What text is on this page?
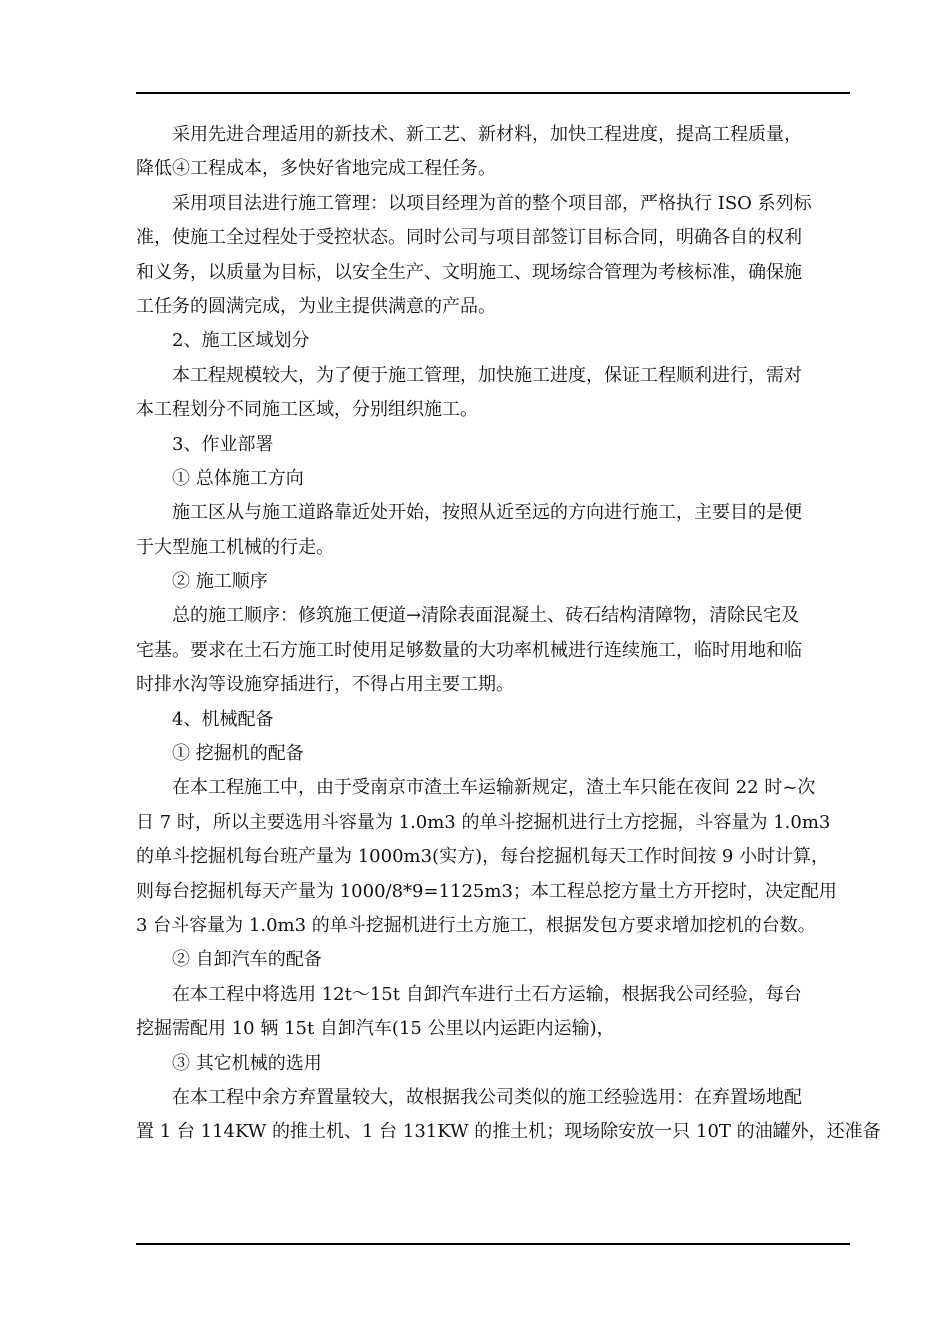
采用先进合理适用的新技术、新工艺、新材料，加快工程进度，提高工程质量，
降低④工程成本，多快好省地完成工程任务。
采用项目法进行施工管理：以项目经理为首的整个项目部，严格执行 ISO 系列标
准，使施工全过程处于受控状态。同时公司与项目部签订目标合同，明确各自的权利
和义务，以质量为目标，以安全生产、文明施工、现场综合管理为考核标准，确保施
工任务的圆满完成，为业主提供满意的产品。
2、施工区域划分
本工程规模较大，为了便于施工管理，加快施工进度，保证工程顺利进行，需对
本工程划分不同施工区域，分别组织施工。
3、作业部署
① 总体施工方向
施工区从与施工道路靠近处开始，按照从近至远的方向进行施工，主要目的是便
于大型施工机械的行走。
② 施工顺序
总的施工顺序：修筑施工便道→清除表面混凝土、砖石结构清障物，清除民宅及
宅基。要求在土石方施工时使用足够数量的大功率机械进行连续施工，临时用地和临
时排水沟等设施穿插进行，不得占用主要工期。
4、机械配备
① 挖掘机的配备
在本工程施工中，由于受南京市渣土车运输新规定，渣土车只能在夜间 22 时~次
日 7 时，所以主要选用斗容量为 1.0m3 的单斗挖掘机进行土方挖掘，斗容量为 1.0m3
的单斗挖掘机每台班产量为 1000m3(实方)，每台挖掘机每天工作时间按 9 小时计算，
则每台挖掘机每天产量为 1000/8*9=1125m3；本工程总挖方量土方开挖时，决定配用
3 台斗容量为 1.0m3 的单斗挖掘机进行土方施工，根据发包方要求增加挖机的台数。
② 自卸汽车的配备
在本工程中将选用 12t～15t 自卸汽车进行土石方运输，根据我公司经验，每台
挖掘需配用 10 辆 15t 自卸汽车(15 公里以内运距内运输)，
③ 其它机械的选用
在本工程中余方弃置量较大，故根据我公司类似的施工经验选用：在弃置场地配
置 1 台 114KW 的推土机、1 台 131KW 的推土机；现场除安放一只 10T 的油罐外，还准备
